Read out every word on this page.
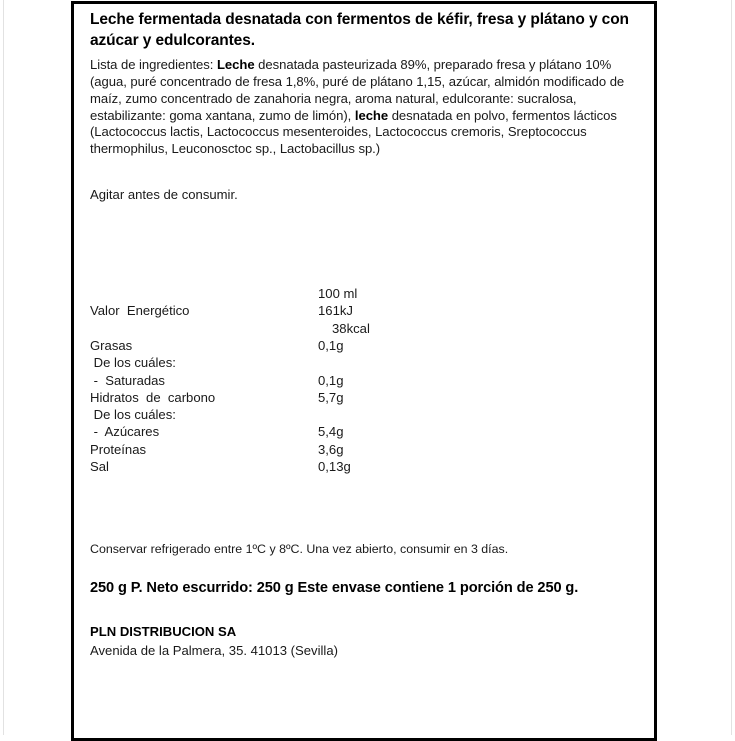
Leche fermentada desnatada con fermentos de kéfir, fresa y plátano y con azúcar y edulcorantes.

Lista de ingredientes: Leche desnatada pasteurizada 89%, preparado fresa y plátano 10% (agua, puré concentrado de fresa 1,8%, puré de plátano 1,15, azúcar, almidón modificado de maíz, zumo concentrado de zanahoria negra, aroma natural, edulcorante: sucralosa, estabilizante: goma xantana, zumo de limón), leche desnatada en polvo, fermentos lácticos (Lactococcus lactis, Lactococcus mesenteroides, Lactococcus cremoris, Sreptococcus thermophilus, Leuconosctoc sp., Lactobacillus sp.)

Agitar antes de consumir.

	100 ml
Valor  Energético	161kJ
	38kcal
Grasas	0,1g
De los cuáles:	
-  Saturadas	0,1g
Hidratos  de  carbono	5,7g
De los cuáles:	
-  Azúcares	5,4g
Proteínas	3,6g
Sal	0,13g

Conservar refrigerado entre 1ºC y 8ºC. Una vez abierto, consumir en 3 días.

250 g P. Neto escurrido: 250 g Este envase contiene 1 porción de 250 g.

PLN DISTRIBUCION SA

Avenida de la Palmera, 35. 41013 (Sevilla)
